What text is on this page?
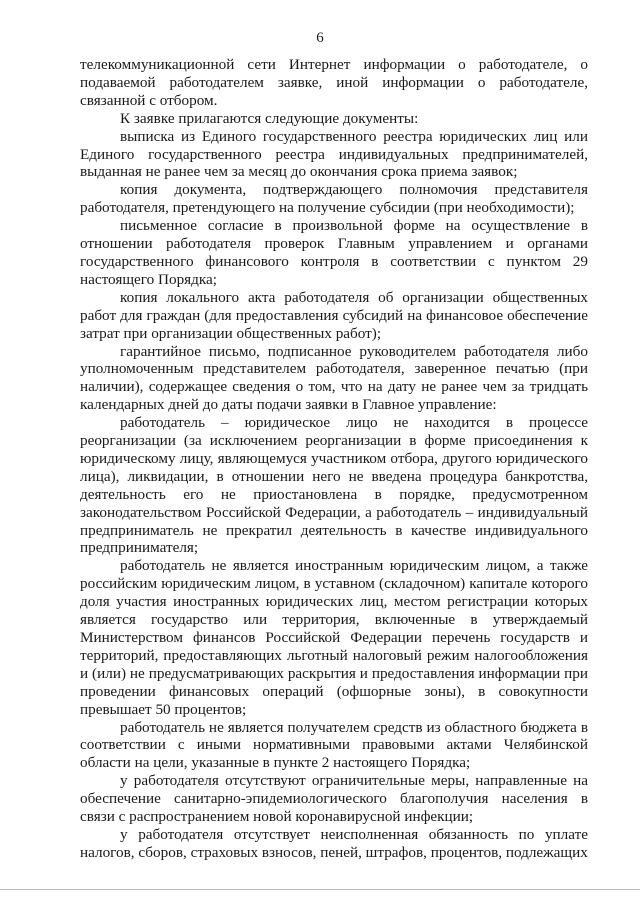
6

телекоммуникационной сети Интернет информации о работодателе, о подаваемой работодателем заявке, иной информации о работодателе, связанной с отбором.

К заявке прилагаются следующие документы:

выписка из Единого государственного реестра юридических лиц или Единого государственного реестра индивидуальных предпринимателей, выданная не ранее чем за месяц до окончания срока приема заявок;

копия документа, подтверждающего полномочия представителя работодателя, претендующего на получение субсидии (при необходимости);

письменное согласие в произвольной форме на осуществление в отношении работодателя проверок Главным управлением и органами государственного финансового контроля в соответствии с пунктом 29 настоящего Порядка;

копия локального акта работодателя об организации общественных работ для граждан (для предоставления субсидий на финансовое обеспечение затрат при организации общественных работ);

гарантийное письмо, подписанное руководителем работодателя либо уполномоченным представителем работодателя, заверенное печатью (при наличии), содержащее сведения о том, что на дату не ранее чем за тридцать календарных дней до даты подачи заявки в Главное управление:

работодатель – юридическое лицо не находится в процессе реорганизации (за исключением реорганизации в форме присоединения к юридическому лицу, являющемуся участником отбора, другого юридического лица), ликвидации, в отношении него не введена процедура банкротства, деятельность его не приостановлена в порядке, предусмотренном законодательством Российской Федерации, а работодатель – индивидуальный предприниматель не прекратил деятельность в качестве индивидуального предпринимателя;

работодатель не является иностранным юридическим лицом, а также российским юридическим лицом, в уставном (складочном) капитале которого доля участия иностранных юридических лиц, местом регистрации которых является государство или территория, включенные в утверждаемый Министерством финансов Российской Федерации перечень государств и территорий, предоставляющих льготный налоговый режим налогообложения и (или) не предусматривающих раскрытия и предоставления информации при проведении финансовых операций (офшорные зоны), в совокупности превышает 50 процентов;

работодатель не является получателем средств из областного бюджета в соответствии с иными нормативными правовыми актами Челябинской области на цели, указанные в пункте 2 настоящего Порядка;

у работодателя отсутствуют ограничительные меры, направленные на обеспечение санитарно-эпидемиологического благополучия населения в связи с распространением новой коронавирусной инфекции;

у работодателя отсутствует неисполненная обязанность по уплате налогов, сборов, страховых взносов, пеней, штрафов, процентов, подлежащих
